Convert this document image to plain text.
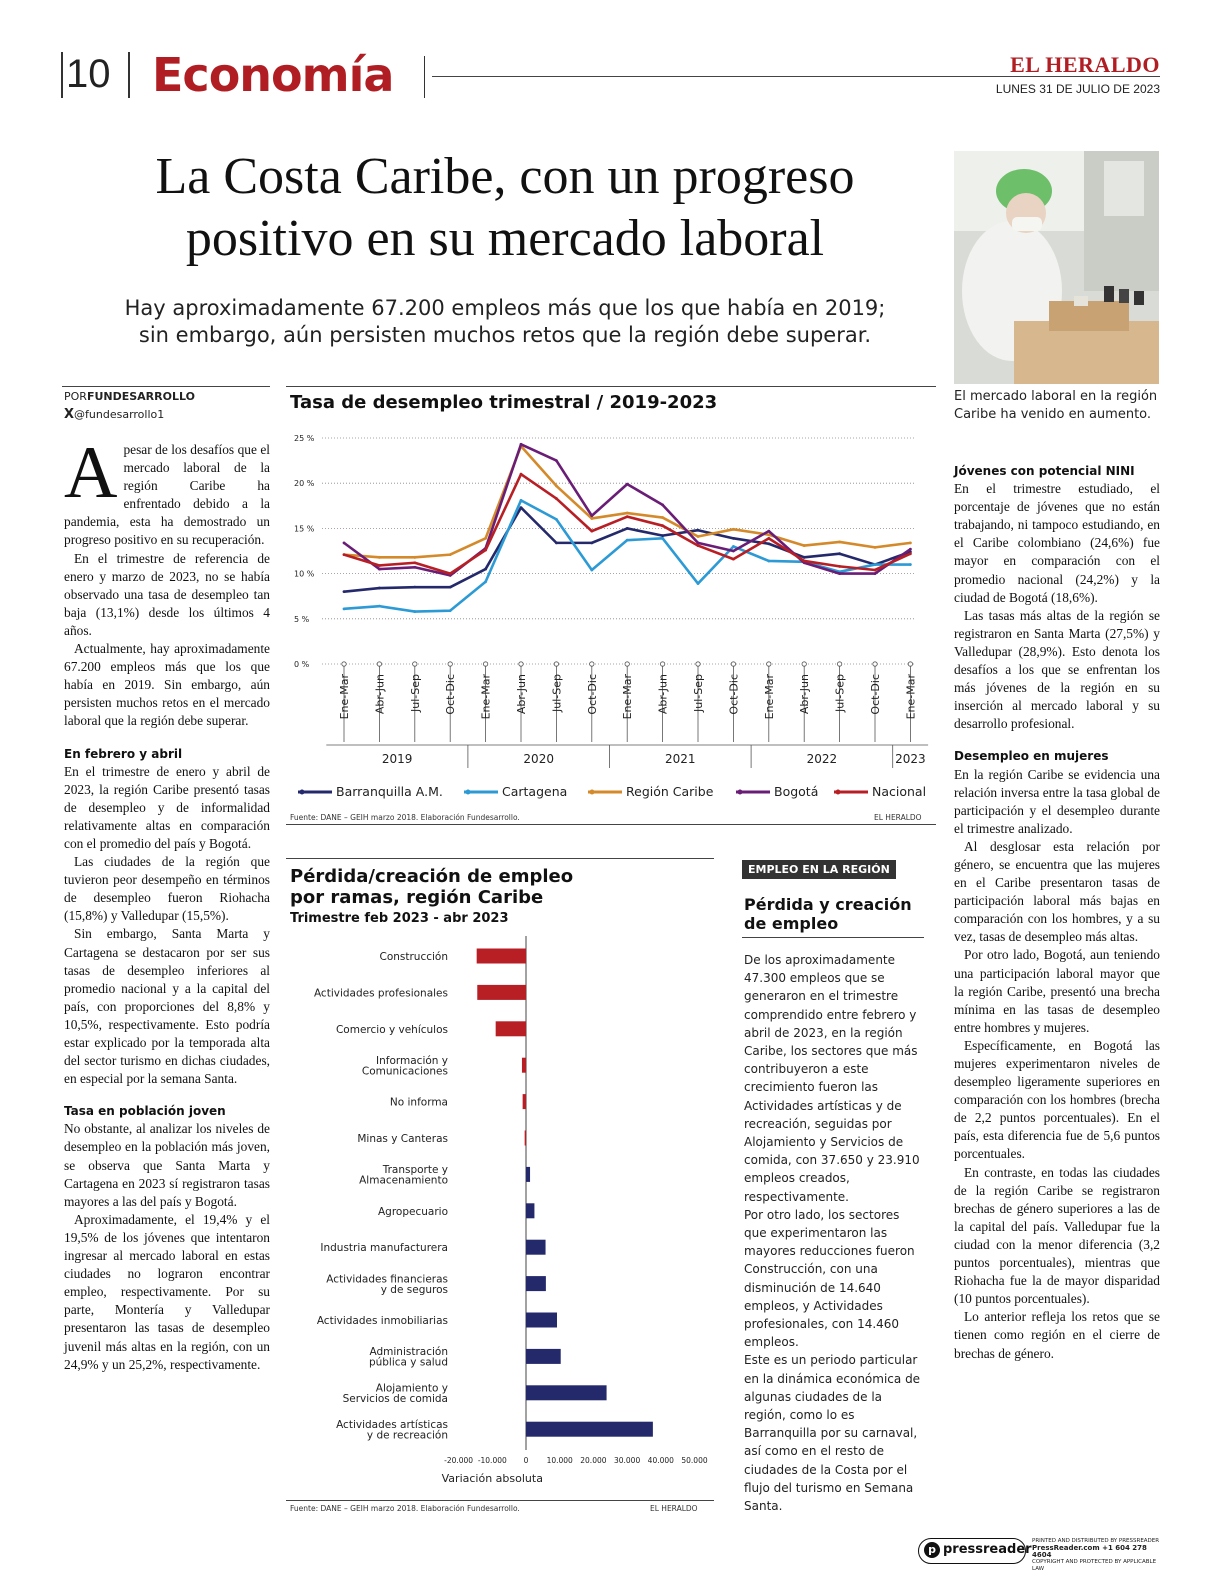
10 Economía	EL HERALDO
LUNES 31 DE JULIO DE 2023
La Costa Caribe, con un progreso
positivo en su mercado laboral
Hay aproximadamente 67.200 empleos más que los que había en 2019;
sin embargo, aún persisten muchos retos que la región debe superar.
El mercado laboral en la región Caribe ha venido en aumento.
PORFUNDESARROLLO
X@fundesarrollo1
A pesar de los desafíos que el mercado laboral de la región Caribe ha enfrentado debido a la pandemia, esta ha demostrado un progreso positivo en su recuperación.

En el trimestre de referencia de enero y marzo de 2023, no se había observado una tasa de desempleo tan baja (13,1%) desde los últimos 4 años.

Actualmente, hay aproximadamente 67.200 empleos más que los que había en 2019. Sin embargo, aún persisten muchos retos en el mercado laboral que la región debe superar.

En febrero y abril

En el trimestre de enero y abril de 2023, la región Caribe presentó tasas de desempleo y de informalidad relativamente altas en comparación con el promedio del país y Bogotá.

Las ciudades de la región que tuvieron peor desempeño en términos de desempleo fueron Riohacha (15,8%) y Valledupar (15,5%).

Sin embargo, Santa Marta y Cartagena se destacaron por ser sus tasas de desempleo inferiores al promedio nacional y a la capital del país, con proporciones del 8,8% y 10,5%, respectivamente. Esto podría estar explicado por la temporada alta del sector turismo en dichas ciudades, en especial por la semana Santa.

Tasa en población joven

No obstante, al analizar los niveles de desempleo en la población más joven, se observa que Santa Marta y Cartagena en 2023 sí registraron tasas mayores a las del país y Bogotá.

Aproximadamente, el 19,4% y el 19,5% de los jóvenes que intentaron ingresar al mercado laboral en estas ciudades no lograron encontrar empleo, respectivamente. Por su parte, Montería y Valledupar presentaron las tasas de desempleo juvenil más altas en la región, con un 24,9% y un 25,2%, respectivamente.

Jóvenes con potencial NINI

En el trimestre estudiado, el porcentaje de jóvenes que no están trabajando, ni tampoco estudiando, en el Caribe colombiano (24,6%) fue mayor en comparación con el promedio nacional (24,2%) y la ciudad de Bogotá (18,6%).

Las tasas más altas de la región se registraron en Santa Marta (27,5%) y Valledupar (28,9%). Esto denota los desafíos a los que se enfrentan los más jóvenes de la región en su inserción al mercado laboral y su desarrollo profesional.

Desempleo en mujeres

En la región Caribe se evidencia una relación inversa entre la tasa global de participación y el desempleo durante el trimestre analizado.

Al desglosar esta relación por género, se encuentra que las mujeres en el Caribe presentaron tasas de participación laboral más bajas en comparación con los hombres, y a su vez, tasas de desempleo más altas.

Por otro lado, Bogotá, aun teniendo una participación laboral mayor que la región Caribe, presentó una brecha mínima en las tasas de desempleo entre hombres y mujeres.

Específicamente, en Bogotá las mujeres experimentaron niveles de desempleo ligeramente superiores en comparación con los hombres (brecha de 2,2 puntos porcentuales). En el país, esta diferencia fue de 5,6 puntos porcentuales.

En contraste, en todas las ciudades de la región Caribe se registraron brechas de género superiores a las de la capital del país. Valledupar fue la ciudad con la menor diferencia (3,2 puntos porcentuales), mientras que Riohacha fue la de mayor disparidad (10 puntos porcentuales).

Lo anterior refleja los retos que se tienen como región en el cierre de brechas de género.

Tasa de desempleo trimestral / 2019-2023
0 %
5 %
10 %
15 %
20 %
25 %
Ene-Mar Abr-Jun Jul-Sep Oct-Dic Ene-Mar Abr-Jun Jul-Sep Oct-Dic Ene-Mar Abr-Jun Jul-Sep Oct-Dic Ene-Mar Abr-Jun Jul-Sep Oct-Dic Ene-Mar
2019	2020	2021	2022	2023
Barranquilla A.M.	Cartagena	Región Caribe	Bogotá	Nacional
Fuente: DANE – GEIH marzo 2018. Elaboración Fundesarrollo.	EL HERALDO
Pérdida/creación de empleo
por ramas, región Caribe
Trimestre feb 2023 - abr 2023
Construcción
Actividades profesionales
Comercio y vehículos
Información y Comunicaciones
No informa
Minas y Canteras
Transporte y Almacenamiento
Agropecuario
Industria manufacturera
Actividades financieras y de seguros
Actividades inmobiliarias
Administración pública y salud
Alojamiento y Servicios de comida
Actividades artísticas y de recreación
-20.000 -10.000 0 10.000 20.000 30.000 40.000 50.000
Variación absoluta
Fuente: DANE – GEIH marzo 2018. Elaboración Fundesarrollo.	EL HERALDO
EMPLEO EN LA REGIÓN
Pérdida y creación de empleo
De los aproximadamente 47.300 empleos que se generaron en el trimestre comprendido entre febrero y abril de 2023, en la región Caribe, los sectores que más contribuyeron a este crecimiento fueron las Actividades artísticas y de recreación, seguidas por Alojamiento y Servicios de comida, con 37.650 y 23.910 empleos creados, respectivamente.
Por otro lado, los sectores que experimentaron las mayores reducciones fueron Construcción, con una disminución de 14.640 empleos, y Actividades profesionales, con 14.460 empleos.
Este es un periodo particular en la dinámica económica de algunas ciudades de la región, como lo es Barranquilla por su carnaval, así como en el resto de ciudades de la Costa por el flujo del turismo en Semana Santa.
p pressreader
PRINTED AND DISTRIBUTED BY PRESSREADER
PressReader.com +1 604 278 4604
COPYRIGHT AND PROTECTED BY APPLICABLE LAW
